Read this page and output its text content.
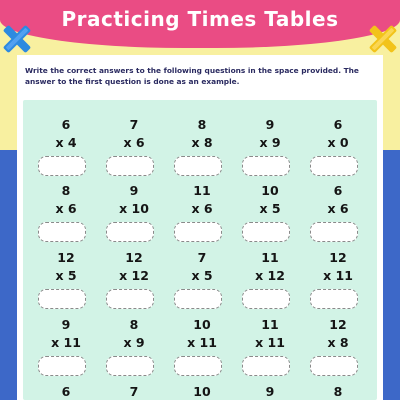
Practicing Times Tables
Write the correct answers to the following questions in the space provided. The answer to the first question is done as an example.
6
x 4
7
x 6
8
x 8
9
x 9
6
x 0
8
x 6
9
x 10
11
x 6
10
x 5
6
x 6
12
x 5
12
x 12
7
x 5
11
x 12
12
x 11
9
x 11
8
x 9
10
x 11
11
x 11
12
x 8
6	7	10	9	8
